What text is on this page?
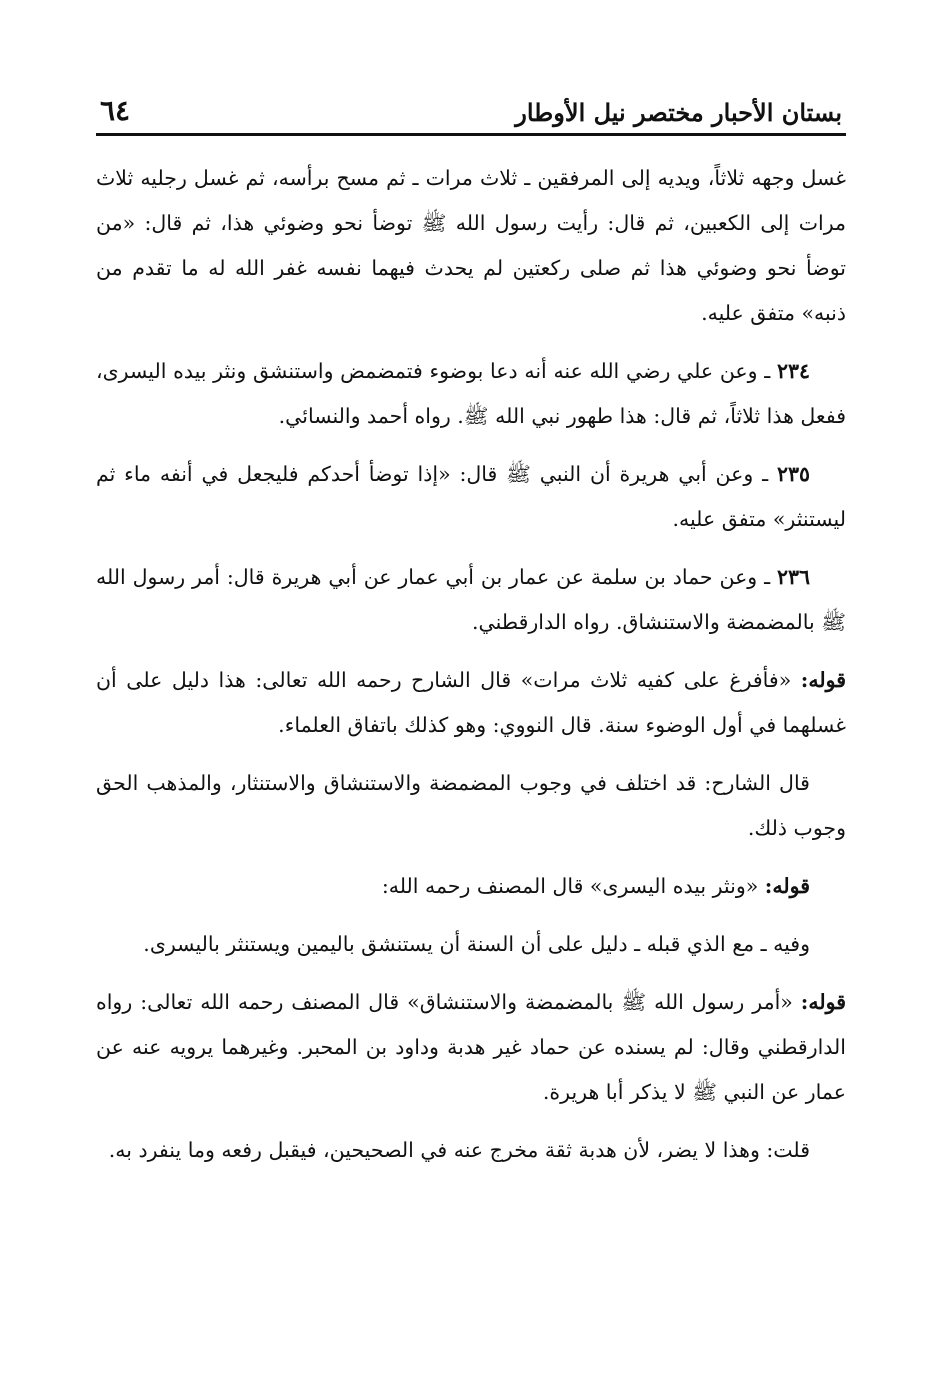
بستان الأحبار مختصر نيل الأوطار
٦٤

غسل وجهه ثلاثاً، ويديه إلى المرفقين ـ ثلاث مرات ـ ثم مسح برأسه، ثم غسل رجليه ثلاث مرات إلى الكعبين، ثم قال: رأيت رسول الله ﷺ توضأ نحو وضوئي هذا، ثم قال: «من توضأ نحو وضوئي هذا ثم صلى ركعتين لم يحدث فيهما نفسه غفر الله له ما تقدم من ذنبه» متفق عليه.

٢٣٤ ـ وعن علي رضي الله عنه أنه دعا بوضوء فتمضمض واستنشق ونثر بيده اليسرى، ففعل هذا ثلاثاً، ثم قال: هذا طهور نبي الله ﷺ. رواه أحمد والنسائي.

٢٣٥ ـ وعن أبي هريرة أن النبي ﷺ قال: «إذا توضأ أحدكم فليجعل في أنفه ماء ثم ليستنثر» متفق عليه.

٢٣٦ ـ وعن حماد بن سلمة عن عمار بن أبي عمار عن أبي هريرة قال: أمر رسول الله ﷺ بالمضمضة والاستنشاق. رواه الدارقطني.

قوله: «فأفرغ على كفيه ثلاث مرات» قال الشارح رحمه الله تعالى: هذا دليل على أن غسلهما في أول الوضوء سنة. قال النووي: وهو كذلك باتفاق العلماء.

قال الشارح: قد اختلف في وجوب المضمضة والاستنشاق والاستنثار، والمذهب الحق وجوب ذلك.

قوله: «ونثر بيده اليسرى» قال المصنف رحمه الله:

وفيه ـ مع الذي قبله ـ دليل على أن السنة أن يستنشق باليمين ويستنثر باليسرى.

قوله: «أمر رسول الله ﷺ بالمضمضة والاستنشاق» قال المصنف رحمه الله تعالى: رواه الدارقطني وقال: لم يسنده عن حماد غير هدبة وداود بن المحبر. وغيرهما يرويه عنه عن عمار عن النبي ﷺ لا يذكر أبا هريرة.

قلت: وهذا لا يضر، لأن هدبة ثقة مخرج عنه في الصحيحين، فيقبل رفعه وما ينفرد به.
